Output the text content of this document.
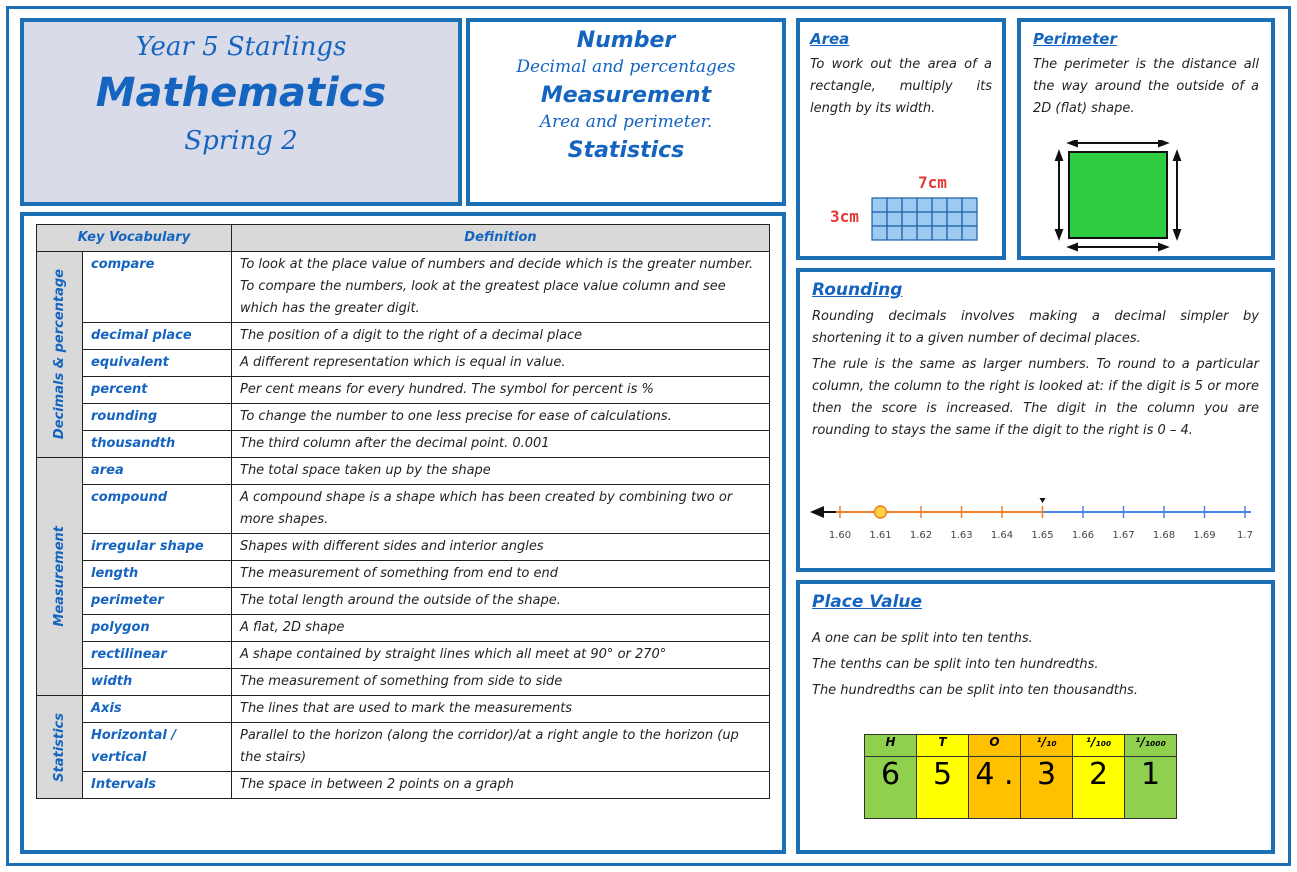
Year 5 Starlings
Mathematics
Spring 2
Number
Decimal and percentages
Measurement
Area and perimeter.
Statistics
Area
To work out the area of a rectangle, multiply its length by its width.
7cm
3cm
Perimeter
The perimeter is the distance all the way around the outside of a 2D (flat) shape.
Rounding
Rounding decimals involves making a decimal simpler by shortening it to a given number of decimal places.
The rule is the same as larger numbers. To round to a particular column, the column to the right is looked at: if the digit is 5 or more then the score is increased. The digit in the column you are rounding to stays the same if the digit to the right is 0 – 4.
1.60 1.61 1.62 1.63 1.64 1.65 1.66 1.67 1.68 1.69 1.7
Place Value
A one can be split into ten tenths.
The tenths can be split into ten hundredths.
The hundredths can be split into ten thousandths.
H	T	O	¹/₁₀	¹/₁₀₀	¹/₁₀₀₀
6	5	4 .	3	2	1
Key Vocabulary		Definition

Decimals & percentage	compare	To look at the place value of numbers and decide which is the greater number. To compare the numbers, look at the greatest place value column and see which has the greater digit.
	decimal place	The position of a digit to the right of a decimal place
	equivalent	A different representation which is equal in value.
	percent	Per cent means for every hundred. The symbol for percent is %
	rounding	To change the number to one less precise for ease of calculations.
	thousandth	The third column after the decimal point. 0.001

Measurement	area	The total space taken up by the shape
	compound	A compound shape is a shape which has been created by combining two or more shapes.
	irregular shape	Shapes with different sides and interior angles
	length	The measurement of something from end to end
	perimeter	The total length around the outside of the shape.
	polygon	A flat, 2D shape
	rectilinear	A shape contained by straight lines which all meet at 90° or 270°
	width	The measurement of something from side to side

Statistics	Axis	The lines that are used to mark the measurements
	Horizontal / vertical	Parallel to the horizon (along the corridor)/at a right angle to the horizon (up the stairs)
	Intervals	The space in between 2 points on a graph
